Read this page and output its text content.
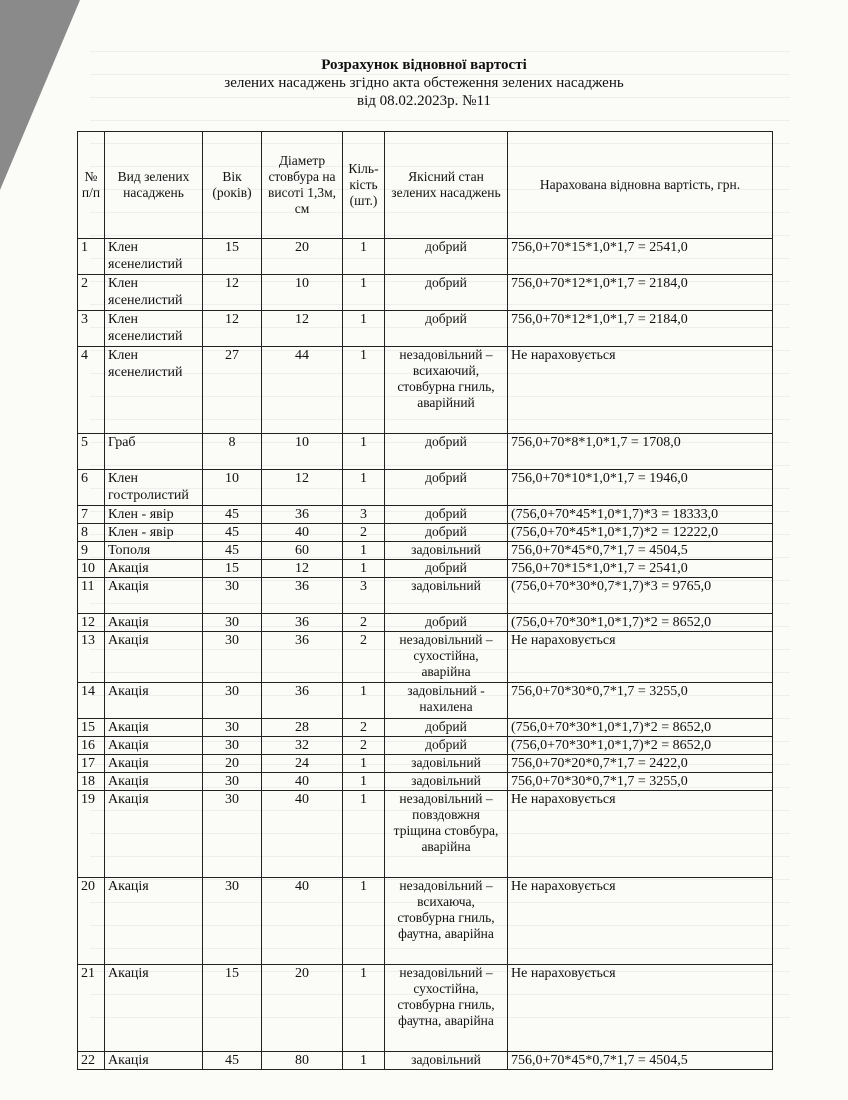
Розрахунок відновної вартості
зелених насаджень згідно акта обстеження зелених насаджень
від 08.02.2023р. №11
№ п/п	Вид зелених насаджень	Вік (років)	Діаметр стовбура на висоті 1,3м, см	Кіль-кість (шт.)	Якісний стан зелених насаджень	Нарахована відновна вартість, грн.
1	Клен ясенелистий	15	20	1	добрий	756,0+70*15*1,0*1,7 = 2541,0
2	Клен ясенелистий	12	10	1	добрий	756,0+70*12*1,0*1,7 = 2184,0
3	Клен ясенелистий	12	12	1	добрий	756,0+70*12*1,0*1,7 = 2184,0
4	Клен ясенелистий	27	44	1	незадовільний – всихаючий, стовбурна гниль, аварійний	Не нараховується
5	Граб	8	10	1	добрий	756,0+70*8*1,0*1,7 = 1708,0
6	Клен гостролистий	10	12	1	добрий	756,0+70*10*1,0*1,7 = 1946,0
7	Клен - явір	45	36	3	добрий	(756,0+70*45*1,0*1,7)*3 = 18333,0
8	Клен - явір	45	40	2	добрий	(756,0+70*45*1,0*1,7)*2 = 12222,0
9	Тополя	45	60	1	задовільний	756,0+70*45*0,7*1,7 = 4504,5
10	Акація	15	12	1	добрий	756,0+70*15*1,0*1,7 = 2541,0
11	Акація	30	36	3	задовільний	(756,0+70*30*0,7*1,7)*3 = 9765,0
12	Акація	30	36	2	добрий	(756,0+70*30*1,0*1,7)*2 = 8652,0
13	Акація	30	36	2	незадовільний – сухостійна, аварійна	Не нараховується
14	Акація	30	36	1	задовільний - нахилена	756,0+70*30*0,7*1,7 = 3255,0
15	Акація	30	28	2	добрий	(756,0+70*30*1,0*1,7)*2 = 8652,0
16	Акація	30	32	2	добрий	(756,0+70*30*1,0*1,7)*2 = 8652,0
17	Акація	20	24	1	задовільний	756,0+70*20*0,7*1,7 = 2422,0
18	Акація	30	40	1	задовільний	756,0+70*30*0,7*1,7 = 3255,0
19	Акація	30	40	1	незадовільний – повздовжня тріщина стовбура, аварійна	Не нараховується
20	Акація	30	40	1	незадовільний – всихаюча, стовбурна гниль, фаутна, аварійна	Не нараховується
21	Акація	15	20	1	незадовільний – сухостійна, стовбурна гниль, фаутна, аварійна	Не нараховується
22	Акація	45	80	1	задовільний	756,0+70*45*0,7*1,7 = 4504,5
